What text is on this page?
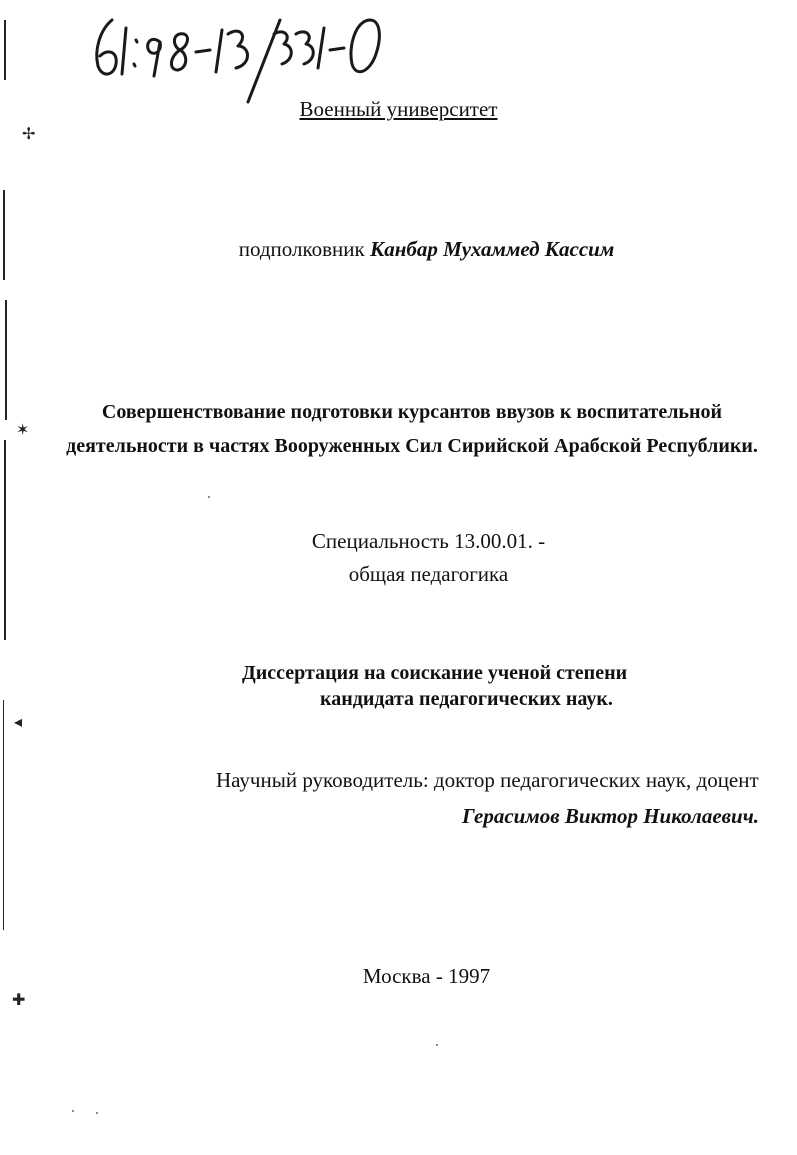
✢
✶
◂
✚
Военный университет
подполковник Канбар Мухаммед Кассим
Совершенствование подготовки курсантов ввузов к воспитательной
деятельности в частях Вооруженных Сил Сирийской Арабской Республики.
Специальность 13.00.01. -
общая педагогика
Диссертация на соискание ученой степени
кандидата педагогических наук.
Научный руководитель: доктор педагогических наук, доцент
Герасимов Виктор Николаевич.
Москва - 1997
